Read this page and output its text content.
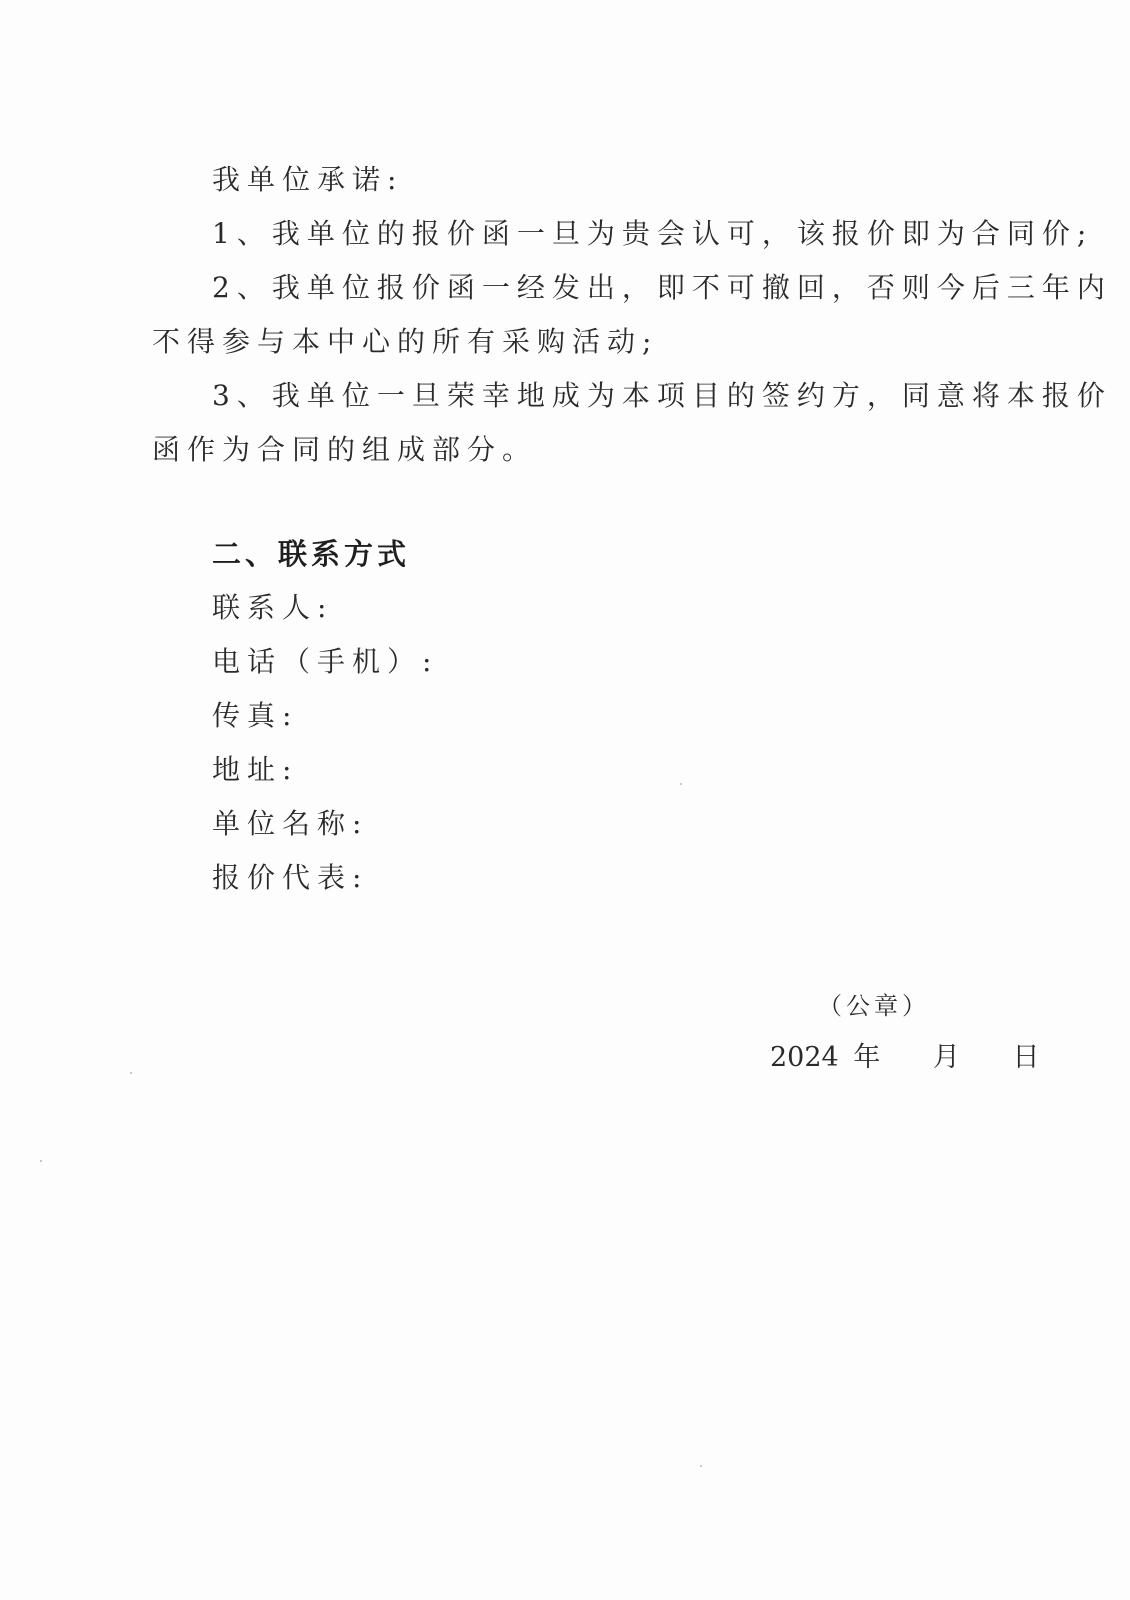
我单位承诺:
1、我单位的报价函一旦为贵会认可，该报价即为合同价;
2、我单位报价函一经发出，即不可撤回，否则今后三年内
不得参与本中心的所有采购活动;
3、我单位一旦荣幸地成为本项目的签约方，同意将本报价
函作为合同的组成部分。
二、联系方式
联系人:
电话（手机）:
传真:
地址:
单位名称:
报价代表:
（公章）
2024 年 月 日
